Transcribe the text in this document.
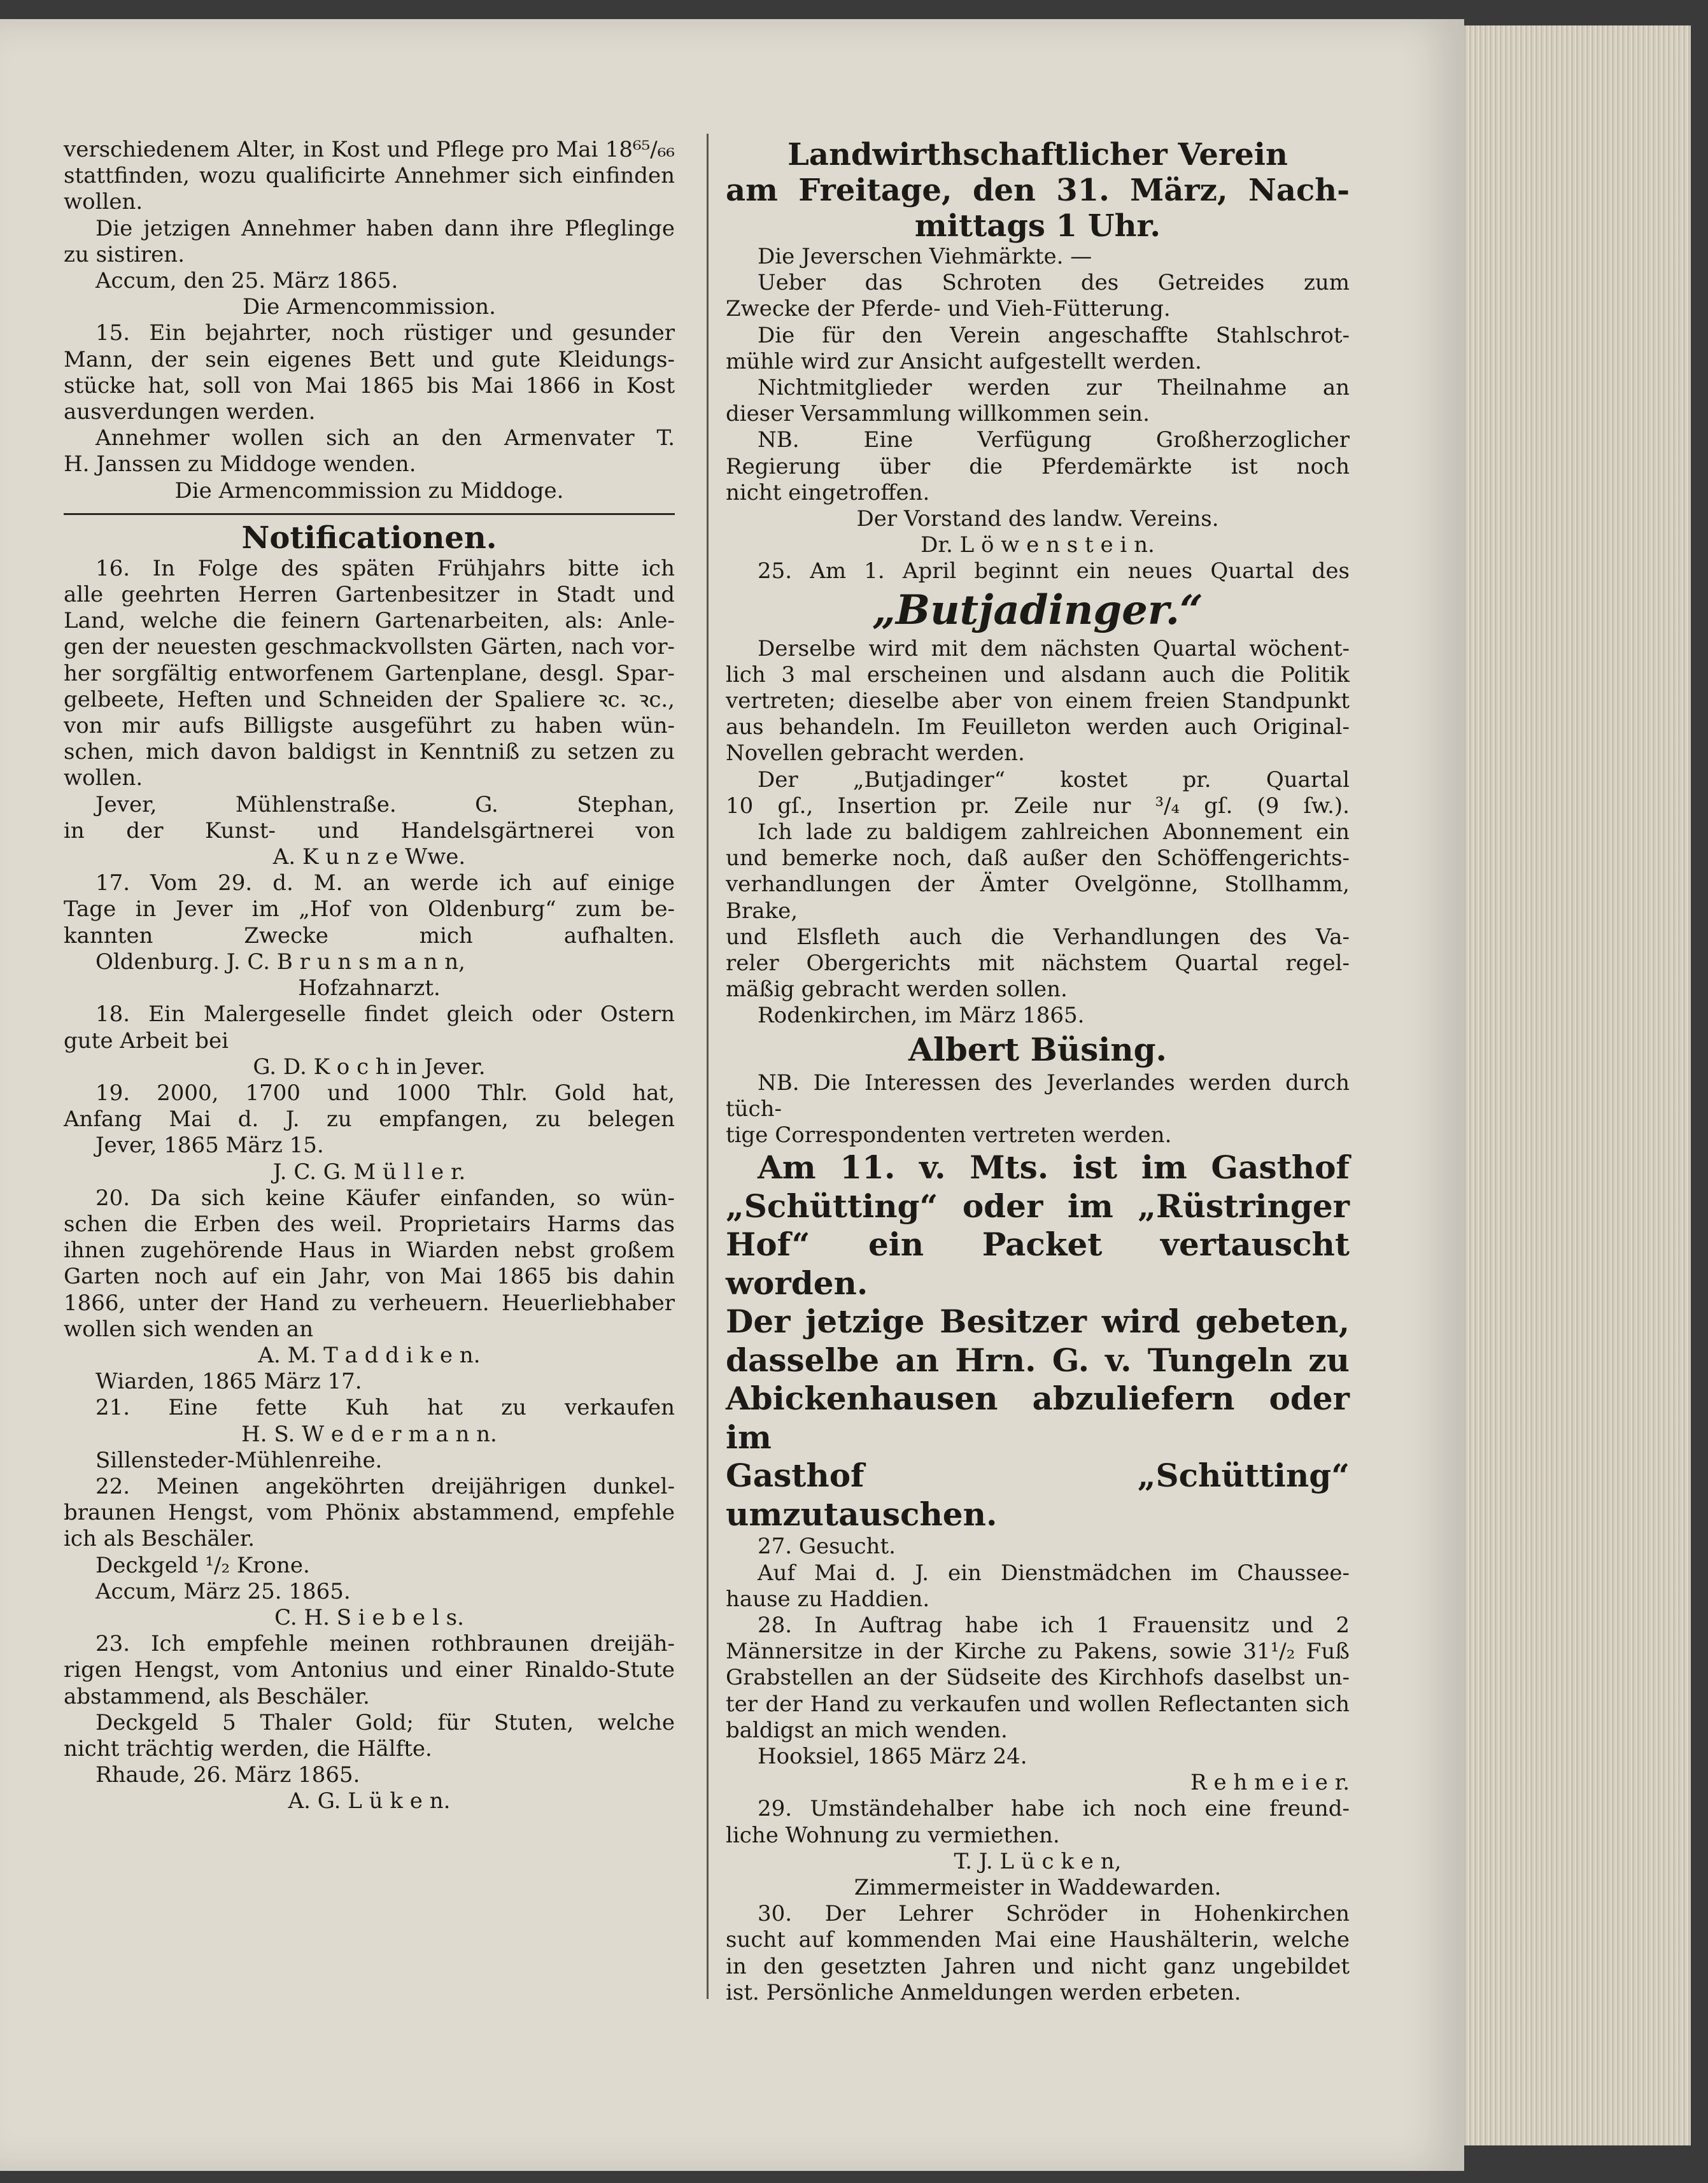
verschiedenem Alter, in Kost und Pflege pro Mai 18⁶⁵/₆₆

stattfinden, wozu qualificirte Annehmer sich einfinden

wollen.

Die jetzigen Annehmer haben dann ihre Pfleglinge

zu sistiren.

Accum, den 25. März 1865.

Die Armencommission.

15. Ein bejahrter, noch rüstiger und gesunder

Mann, der sein eigenes Bett und gute Kleidungs-

stücke hat, soll von Mai 1865 bis Mai 1866 in Kost

ausverdungen werden.

Annehmer wollen sich an den Armenvater T.

H. Janssen zu Middoge wenden.

Die Armencommission zu Middoge.

Notificationen.

16. In Folge des späten Frühjahrs bitte ich

alle geehrten Herren Gartenbesitzer in Stadt und

Land, welche die feinern Gartenarbeiten, als: Anle-

gen der neuesten geschmackvollsten Gärten, nach vor-

her sorgfältig entworfenem Gartenplane, desgl. Spar-

gelbeete, Heften und Schneiden der Spaliere ꝛc. ꝛc.,

von mir aufs Billigste ausgeführt zu haben wün-

schen, mich davon baldigst in Kenntniß zu setzen zu wollen.

Jever, Mühlenstraße. G. Stephan,

in der Kunst- und Handelsgärtnerei von

A. K u n z e Wwe.

17. Vom 29. d. M. an werde ich auf einige

Tage in Jever im „Hof von Oldenburg“ zum be-

kannten Zwecke mich aufhalten.

Oldenburg. J. C. B r u n s m a n n,

Hofzahnarzt.

18. Ein Malergeselle findet gleich oder Ostern

gute Arbeit bei

G. D. K o c h in Jever.

19. 2000, 1700 und 1000 Thlr. Gold hat,

Anfang Mai d. J. zu empfangen, zu belegen

Jever, 1865 März 15.

J. C. G. M ü l l e r.

20. Da sich keine Käufer einfanden, so wün-

schen die Erben des weil. Proprietairs Harms das

ihnen zugehörende Haus in Wiarden nebst großem

Garten noch auf ein Jahr, von Mai 1865 bis dahin

1866, unter der Hand zu verheuern. Heuerliebhaber

wollen sich wenden an

A. M. T a d d i k e n.

Wiarden, 1865 März 17.

21. Eine fette Kuh hat zu verkaufen

H. S. W e d e r m a n n.

Sillensteder-Mühlenreihe.

22. Meinen angeköhrten dreijährigen dunkel-

braunen Hengst, vom Phönix abstammend, empfehle

ich als Beschäler.

Deckgeld ¹/₂ Krone.

Accum, März 25. 1865.

C. H. S i e b e l s.

23. Ich empfehle meinen rothbraunen dreijäh-

rigen Hengst, vom Antonius und einer Rinaldo-Stute

abstammend, als Beschäler.

Deckgeld 5 Thaler Gold; für Stuten, welche

nicht trächtig werden, die Hälfte.

Rhaude, 26. März 1865.

A. G. L ü k e n.

Landwirthschaftlicher Verein

am Freitage, den 31. März, Nach-

mittags 1 Uhr.

Die Jeverschen Viehmärkte. —

Ueber das Schroten des Getreides zum

Zwecke der Pferde- und Vieh-Fütterung.

Die für den Verein angeschaffte Stahlschrot-

mühle wird zur Ansicht aufgestellt werden.

Nichtmitglieder werden zur Theilnahme an

dieser Versammlung willkommen sein.

NB. Eine Verfügung Großherzoglicher

Regierung über die Pferdemärkte ist noch

nicht eingetroffen.

Der Vorstand des landw. Vereins.

Dr. L ö w e n s t e i n.

25. Am 1. April beginnt ein neues Quartal des

„Butjadinger.“

Derselbe wird mit dem nächsten Quartal wöchent-

lich 3 mal erscheinen und alsdann auch die Politik

vertreten; dieselbe aber von einem freien Standpunkt

aus behandeln. Im Feuilleton werden auch Original-

Novellen gebracht werden.

Der „Butjadinger“ kostet pr. Quartal

10 gſ., Insertion pr. Zeile nur ³/₄ gſ. (9 ſw.).

Ich lade zu baldigem zahlreichen Abonnement ein

und bemerke noch, daß außer den Schöffengerichts-

verhandlungen der Ämter Ovelgönne, Stollhamm, Brake,

und Elsfleth auch die Verhandlungen des Va-

reler Obergerichts mit nächstem Quartal regel-

mäßig gebracht werden sollen.

Rodenkirchen, im März 1865.

Albert Büsing.

NB. Die Interessen des Jeverlandes werden durch tüch-

tige Correspondenten vertreten werden.

Am 11. v. Mts. ist im Gasthof

„Schütting“ oder im „Rüstringer

Hof“ ein Packet vertauscht worden.

Der jetzige Besitzer wird gebeten,

dasselbe an Hrn. G. v. Tungeln zu

Abickenhausen abzuliefern oder im

Gasthof „Schütting“ umzutauschen.

27. Gesucht.

Auf Mai d. J. ein Dienstmädchen im Chaussee-

hause zu Haddien.

28. In Auftrag habe ich 1 Frauensitz und 2

Männersitze in der Kirche zu Pakens, sowie 31¹/₂ Fuß

Grabstellen an der Südseite des Kirchhofs daselbst un-

ter der Hand zu verkaufen und wollen Reflectanten sich

baldigst an mich wenden.

Hooksiel, 1865 März 24.

R e h m e i e r.

29. Umständehalber habe ich noch eine freund-

liche Wohnung zu vermiethen.

T. J. L ü c k e n,

Zimmermeister in Waddewarden.

30. Der Lehrer Schröder in Hohenkirchen

sucht auf kommenden Mai eine Haushälterin, welche

in den gesetzten Jahren und nicht ganz ungebildet

ist. Persönliche Anmeldungen werden erbeten.
